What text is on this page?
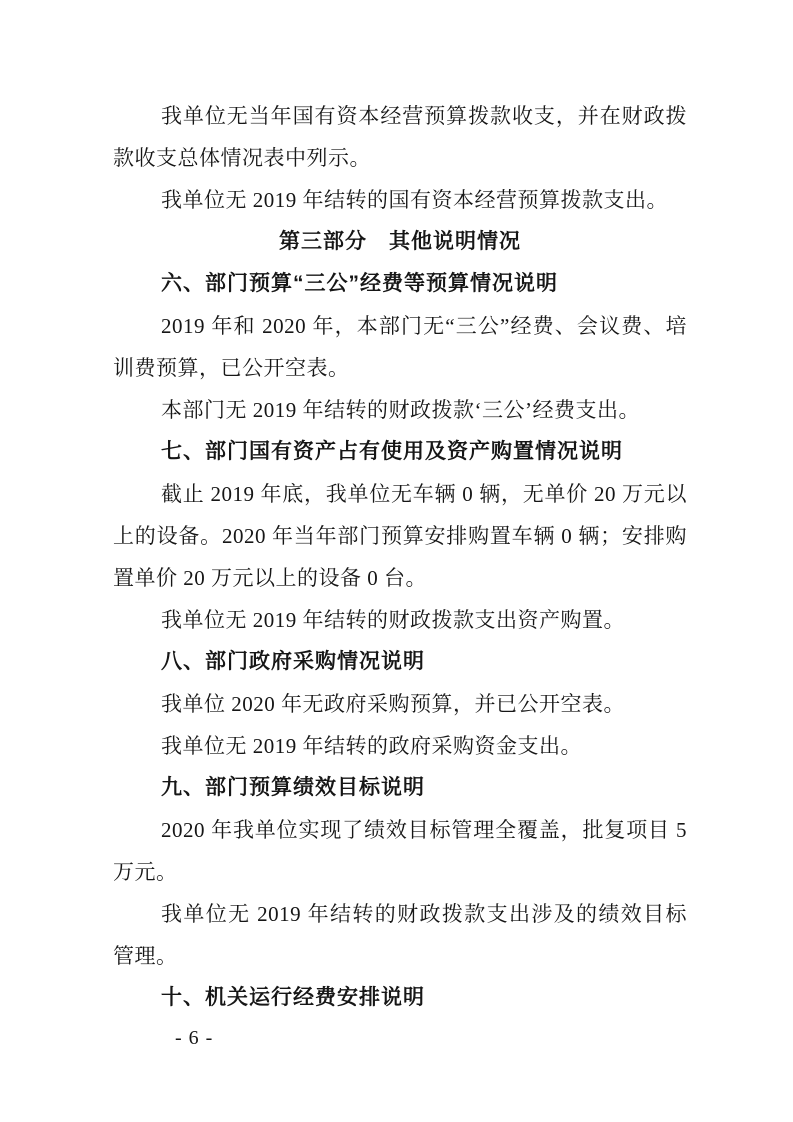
我单位无当年国有资本经营预算拨款收支，并在财政拨款收支总体情况表中列示。

我单位无 2019 年结转的国有资本经营预算拨款支出。

第三部分　其他说明情况
六、部门预算“三公”经费等预算情况说明

2019 年和 2020 年，本部门无“三公”经费、会议费、培训费预算，已公开空表。

本部门无 2019 年结转的财政拨款‘三公’经费支出。

七、部门国有资产占有使用及资产购置情况说明

截止 2019 年底，我单位无车辆 0 辆，无单价 20 万元以上的设备。2020 年当年部门预算安排购置车辆 0 辆；安排购置单价 20 万元以上的设备 0 台。

我单位无 2019 年结转的财政拨款支出资产购置。

八、部门政府采购情况说明

我单位 2020 年无政府采购预算，并已公开空表。

我单位无 2019 年结转的政府采购资金支出。

九、部门预算绩效目标说明

2020 年我单位实现了绩效目标管理全覆盖，批复项目 5 万元。

我单位无 2019 年结转的财政拨款支出涉及的绩效目标管理。

十、机关运行经费安排说明
- 6 -
